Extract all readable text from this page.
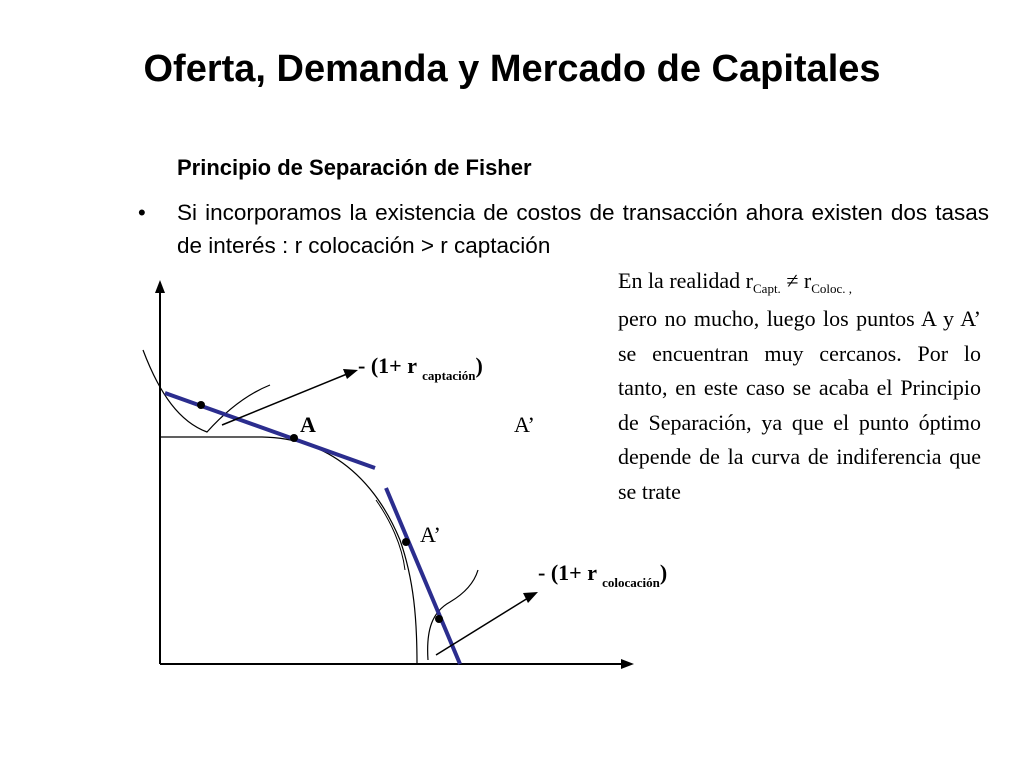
Oferta, Demanda y Mercado de Capitales
Principio de Separación de Fisher
• Si incorporamos la existencia de costos de transacción ahora existen dos tasas de interés : r colocación > r captación
En la realidad $r_{Capt.} \ne r_{Coloc. ,}$
pero no mucho, luego los puntos A y A’ se encuentran muy cercanos. Por lo tanto, en este caso se acaba el Principio de Separación, ya que el punto óptimo depende de la curva de indiferencia que se trate
- (1+ r $_{captación}$)
- (1+ r $_{colocación}$)
A	A’
A’
